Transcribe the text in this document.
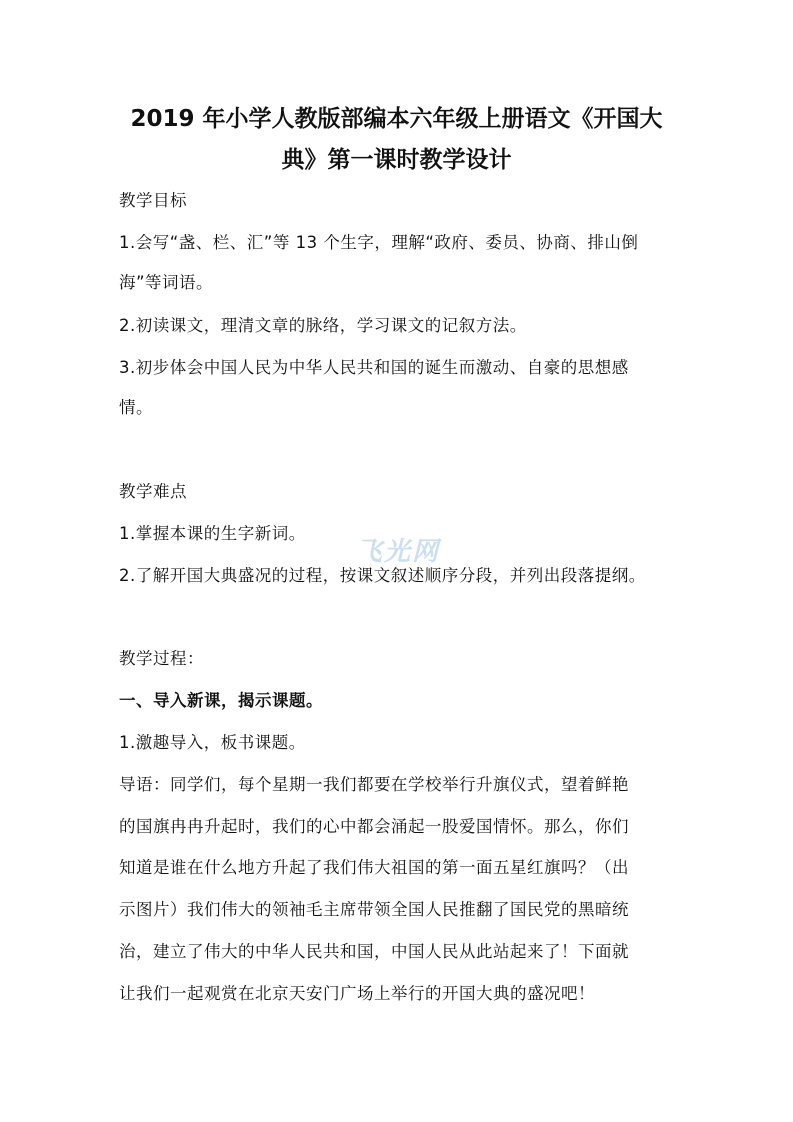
2019 年小学人教版部编本六年级上册语文《开国大
典》第一课时教学设计
教学目标
1.会写“盏、栏、汇”等 13 个生字，理解“政府、委员、协商、排山倒
海”等词语。
2.初读课文，理清文章的脉络，学习课文的记叙方法。
3.初步体会中国人民为中华人民共和国的诞生而激动、自豪的思想感
情。
教学难点
1.掌握本课的生字新词。
2.了解开国大典盛况的过程，按课文叙述顺序分段，并列出段落提纲。
教学过程：
一、导入新课，揭示课题。
1.激趣导入，板书课题。
导语：同学们，每个星期一我们都要在学校举行升旗仪式，望着鲜艳
的国旗冉冉升起时，我们的心中都会涌起一股爱国情怀。那么，你们
知道是谁在什么地方升起了我们伟大祖国的第一面五星红旗吗？（出
示图片）我们伟大的领袖毛主席带领全国人民推翻了国民党的黑暗统
治，建立了伟大的中华人民共和国，中国人民从此站起来了！下面就
让我们一起观赏在北京天安门广场上举行的开国大典的盛况吧！
飞光网
